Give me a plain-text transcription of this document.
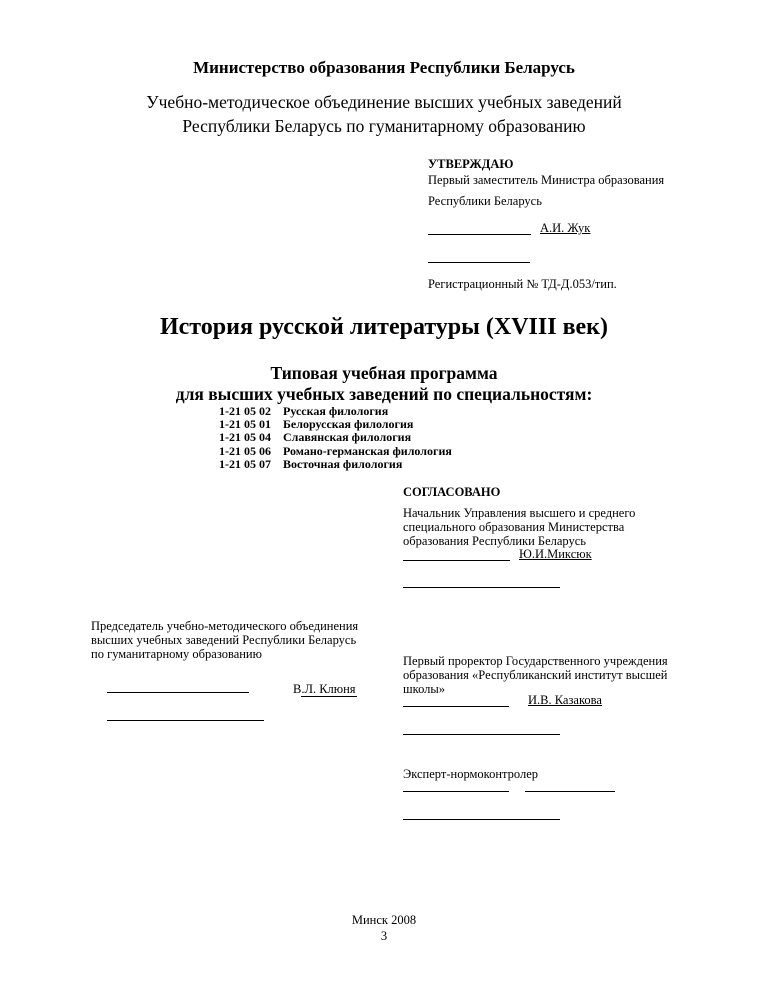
Министерство образования Республики Беларусь
Учебно-методическое объединение высших учебных заведений
Республики Беларусь по гуманитарному образованию
УТВЕРЖДАЮ
Первый заместитель Министра образования
Республики Беларусь
А.И. Жук
Регистрационный № ТД-Д.053/тип.
История русской литературы (XVIII век)
Типовая учебная программа
для высших учебных заведений по специальностям:
1-21 05 02 Русская филология
1-21 05 01 Белорусская филология
1-21 05 04 Славянская филология
1-21 05 06 Романо-германская филология
1-21 05 07 Восточная филология
СОГЛАСОВАНО
Начальник Управления высшего и среднего
специального образования Министерства
образования Республики Беларусь
Ю.И.Миксюк
Председатель учебно-методического объединения
высших учебных заведений Республики Беларусь
по гуманитарному образованию
В.Л. Клюня
Первый проректор Государственного учреждения
образования «Республиканский институт высшей
школы»
И.В. Казакова
Эксперт-нормоконтролер
Минск 2008
3
